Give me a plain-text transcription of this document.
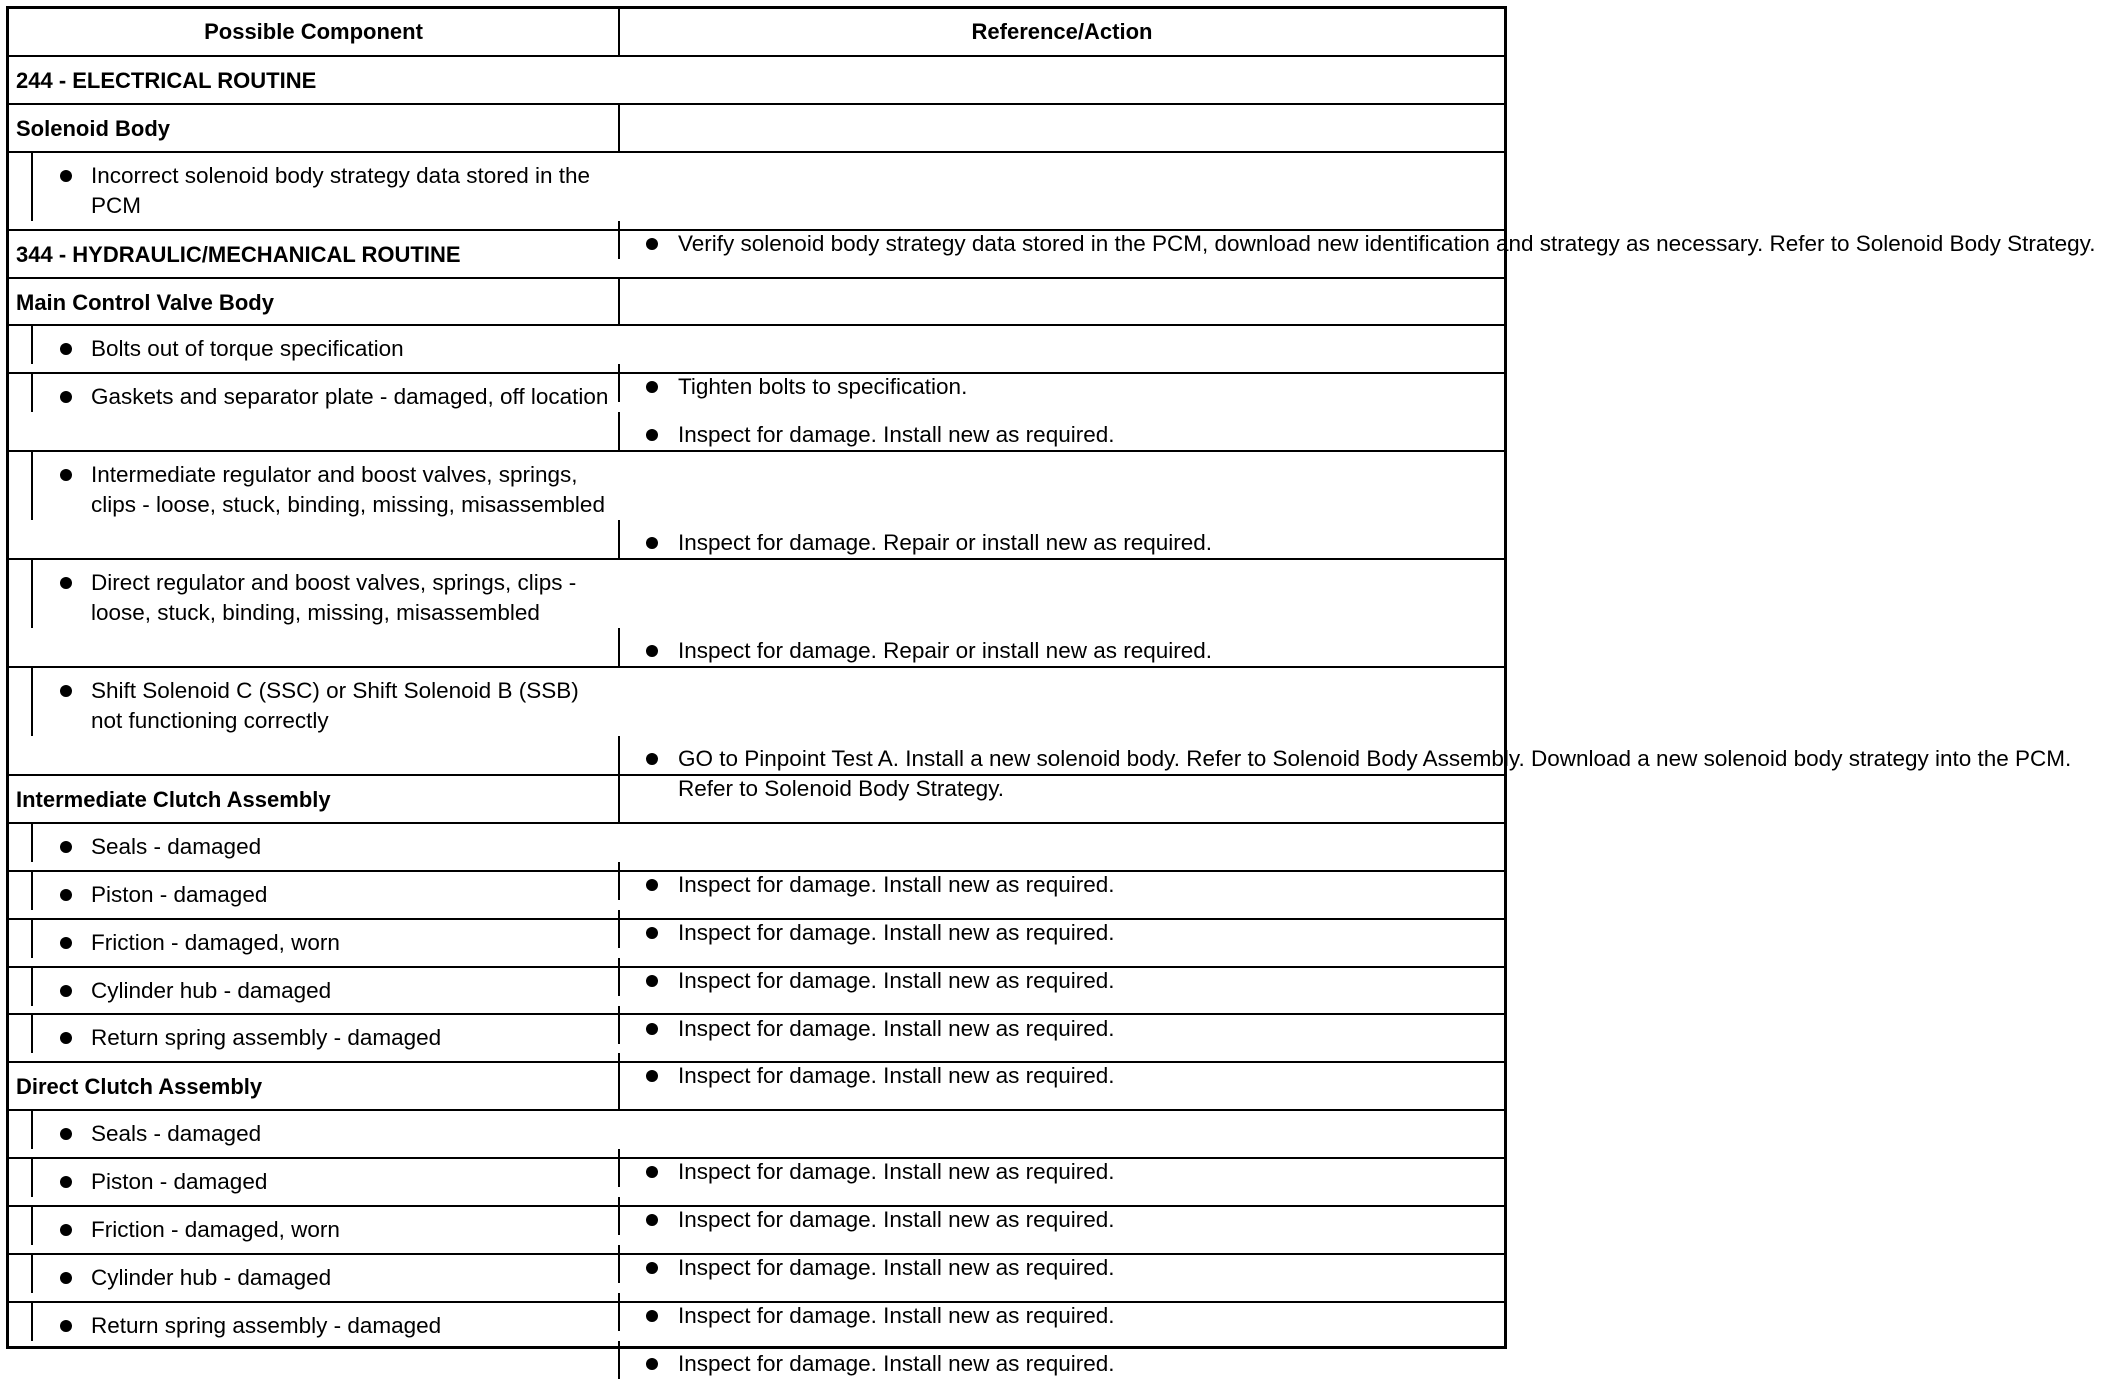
Possible Component	Reference/Action
244 - ELECTRICAL ROUTINE
Solenoid Body
Incorrect solenoid body strategy data stored in the PCM
Verify solenoid body strategy data stored in the PCM, download new identification and strategy as necessary. Refer to Solenoid Body Strategy.
344 - HYDRAULIC/MECHANICAL ROUTINE
Main Control Valve Body
Bolts out of torque specification
Tighten bolts to specification.
Gaskets and separator plate - damaged, off location
Inspect for damage. Install new as required.
Intermediate regulator and boost valves, springs, clips - loose, stuck, binding, missing, misassembled
Inspect for damage. Repair or install new as required.
Direct regulator and boost valves, springs, clips - loose, stuck, binding, missing, misassembled
Inspect for damage. Repair or install new as required.
Shift Solenoid C (SSC) or Shift Solenoid B (SSB) not functioning correctly
GO to Pinpoint Test A. Install a new solenoid body. Refer to Solenoid Body Assembly. Download a new solenoid body strategy into the PCM. Refer to Solenoid Body Strategy.
Intermediate Clutch Assembly
Seals - damaged
Inspect for damage. Install new as required.
Piston - damaged
Inspect for damage. Install new as required.
Friction - damaged, worn
Inspect for damage. Install new as required.
Cylinder hub - damaged
Inspect for damage. Install new as required.
Return spring assembly - damaged
Inspect for damage. Install new as required.
Direct Clutch Assembly
Seals - damaged
Inspect for damage. Install new as required.
Piston - damaged
Inspect for damage. Install new as required.
Friction - damaged, worn
Inspect for damage. Install new as required.
Cylinder hub - damaged
Inspect for damage. Install new as required.
Return spring assembly - damaged
Inspect for damage. Install new as required.
